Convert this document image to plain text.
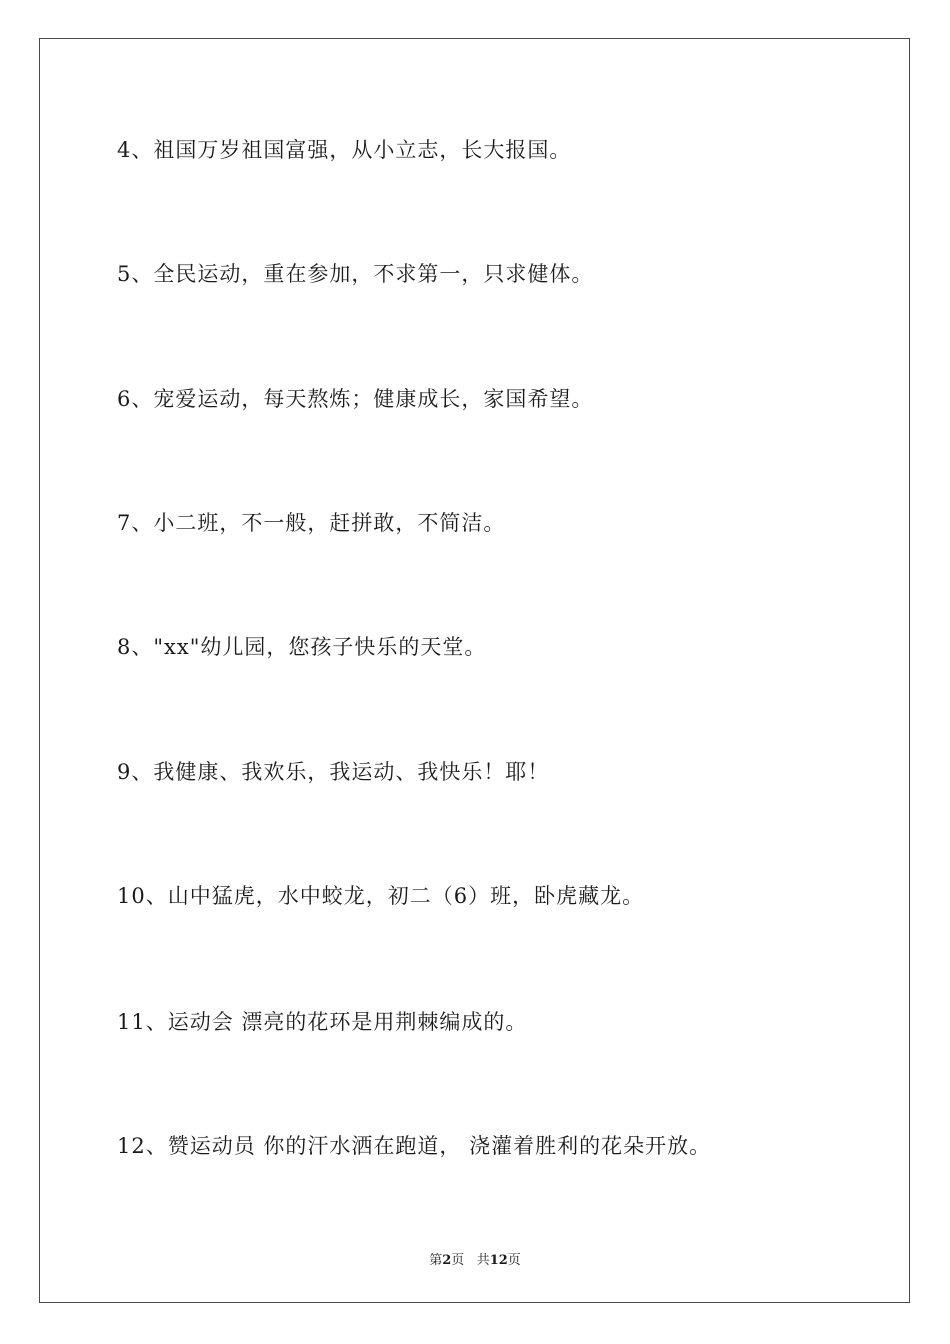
4、祖国万岁祖国富强，从小立志，长大报国。
5、全民运动，重在参加，不求第一，只求健体。
6、宠爱运动，每天熬炼；健康成长，家国希望。
7、小二班，不一般，赶拼敢，不简洁。
8、"xx"幼儿园，您孩子快乐的天堂。
9、我健康、我欢乐，我运动、我快乐！耶！
10、山中猛虎，水中蛟龙，初二（6）班，卧虎藏龙。
11、运动会 漂亮的花环是用荆棘编成的。
12、赞运动员 你的汗水洒在跑道， 浇灌着胜利的花朵开放。
第2页 共12页
